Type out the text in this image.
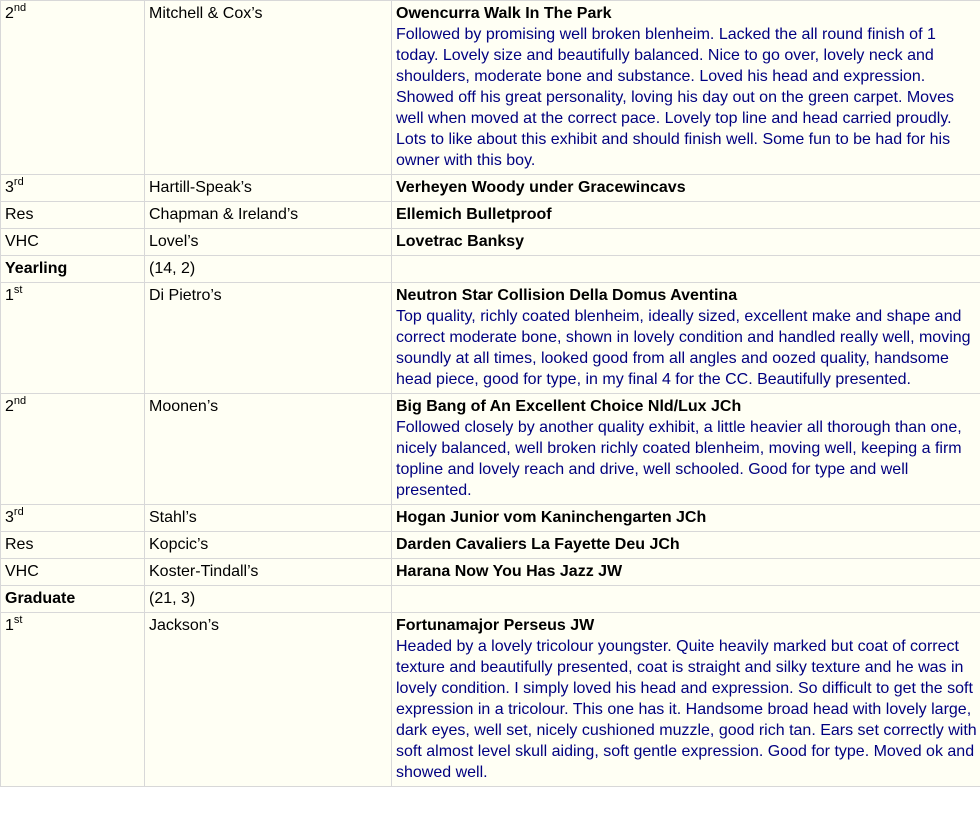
2nd	Mitchell & Cox’s	Owencurra Walk In The Park
Followed by promising well broken blenheim. Lacked the all round finish of 1 today. Lovely size and beautifully balanced. Nice to go over, lovely neck and shoulders, moderate bone and substance. Loved his head and expression. Showed off his great personality, loving his day out on the green carpet. Moves well when moved at the correct pace. Lovely top line and head carried proudly. Lots to like about this exhibit and should finish well. Some fun to be had for his owner with this boy.

3rd	Hartill-Speak’s	Verheyen Woody under Gracewincavs

Res	Chapman & Ireland’s	Ellemich Bulletproof

VHC	Lovel’s	Lovetrac Banksy

Yearling	(14, 2)	
1st	Di Pietro’s	Neutron Star Collision Della Domus Aventina
Top quality, richly coated blenheim, ideally sized, excellent make and shape and correct moderate bone, shown in lovely condition and handled really well, moving soundly at all times, looked good from all angles and oozed quality, handsome head piece, good for type, in my final 4 for the CC. Beautifully presented.

2nd	Moonen’s	Big Bang of An Excellent Choice Nld/Lux JCh
Followed closely by another quality exhibit, a little heavier all thorough than one, nicely balanced, well broken richly coated blenheim, moving well, keeping a firm topline and lovely reach and drive, well schooled. Good for type and well presented.

3rd	Stahl’s	Hogan Junior vom Kaninchengarten JCh

Res	Kopcic’s	Darden Cavaliers La Fayette Deu JCh

VHC	Koster-Tindall’s	Harana Now You Has Jazz JW

Graduate	(21, 3)	
1st	Jackson’s	Fortunamajor Perseus JW
Headed by a lovely tricolour youngster. Quite heavily marked but coat of correct texture and beautifully presented, coat is straight and silky texture and he was in lovely condition. I simply loved his head and expression. So difficult to get the soft expression in a tricolour. This one has it. Handsome broad head with lovely large, dark eyes, well set, nicely cushioned muzzle, good rich tan. Ears set correctly with soft almost level skull aiding, soft gentle expression. Good for type. Moved ok and showed well.
